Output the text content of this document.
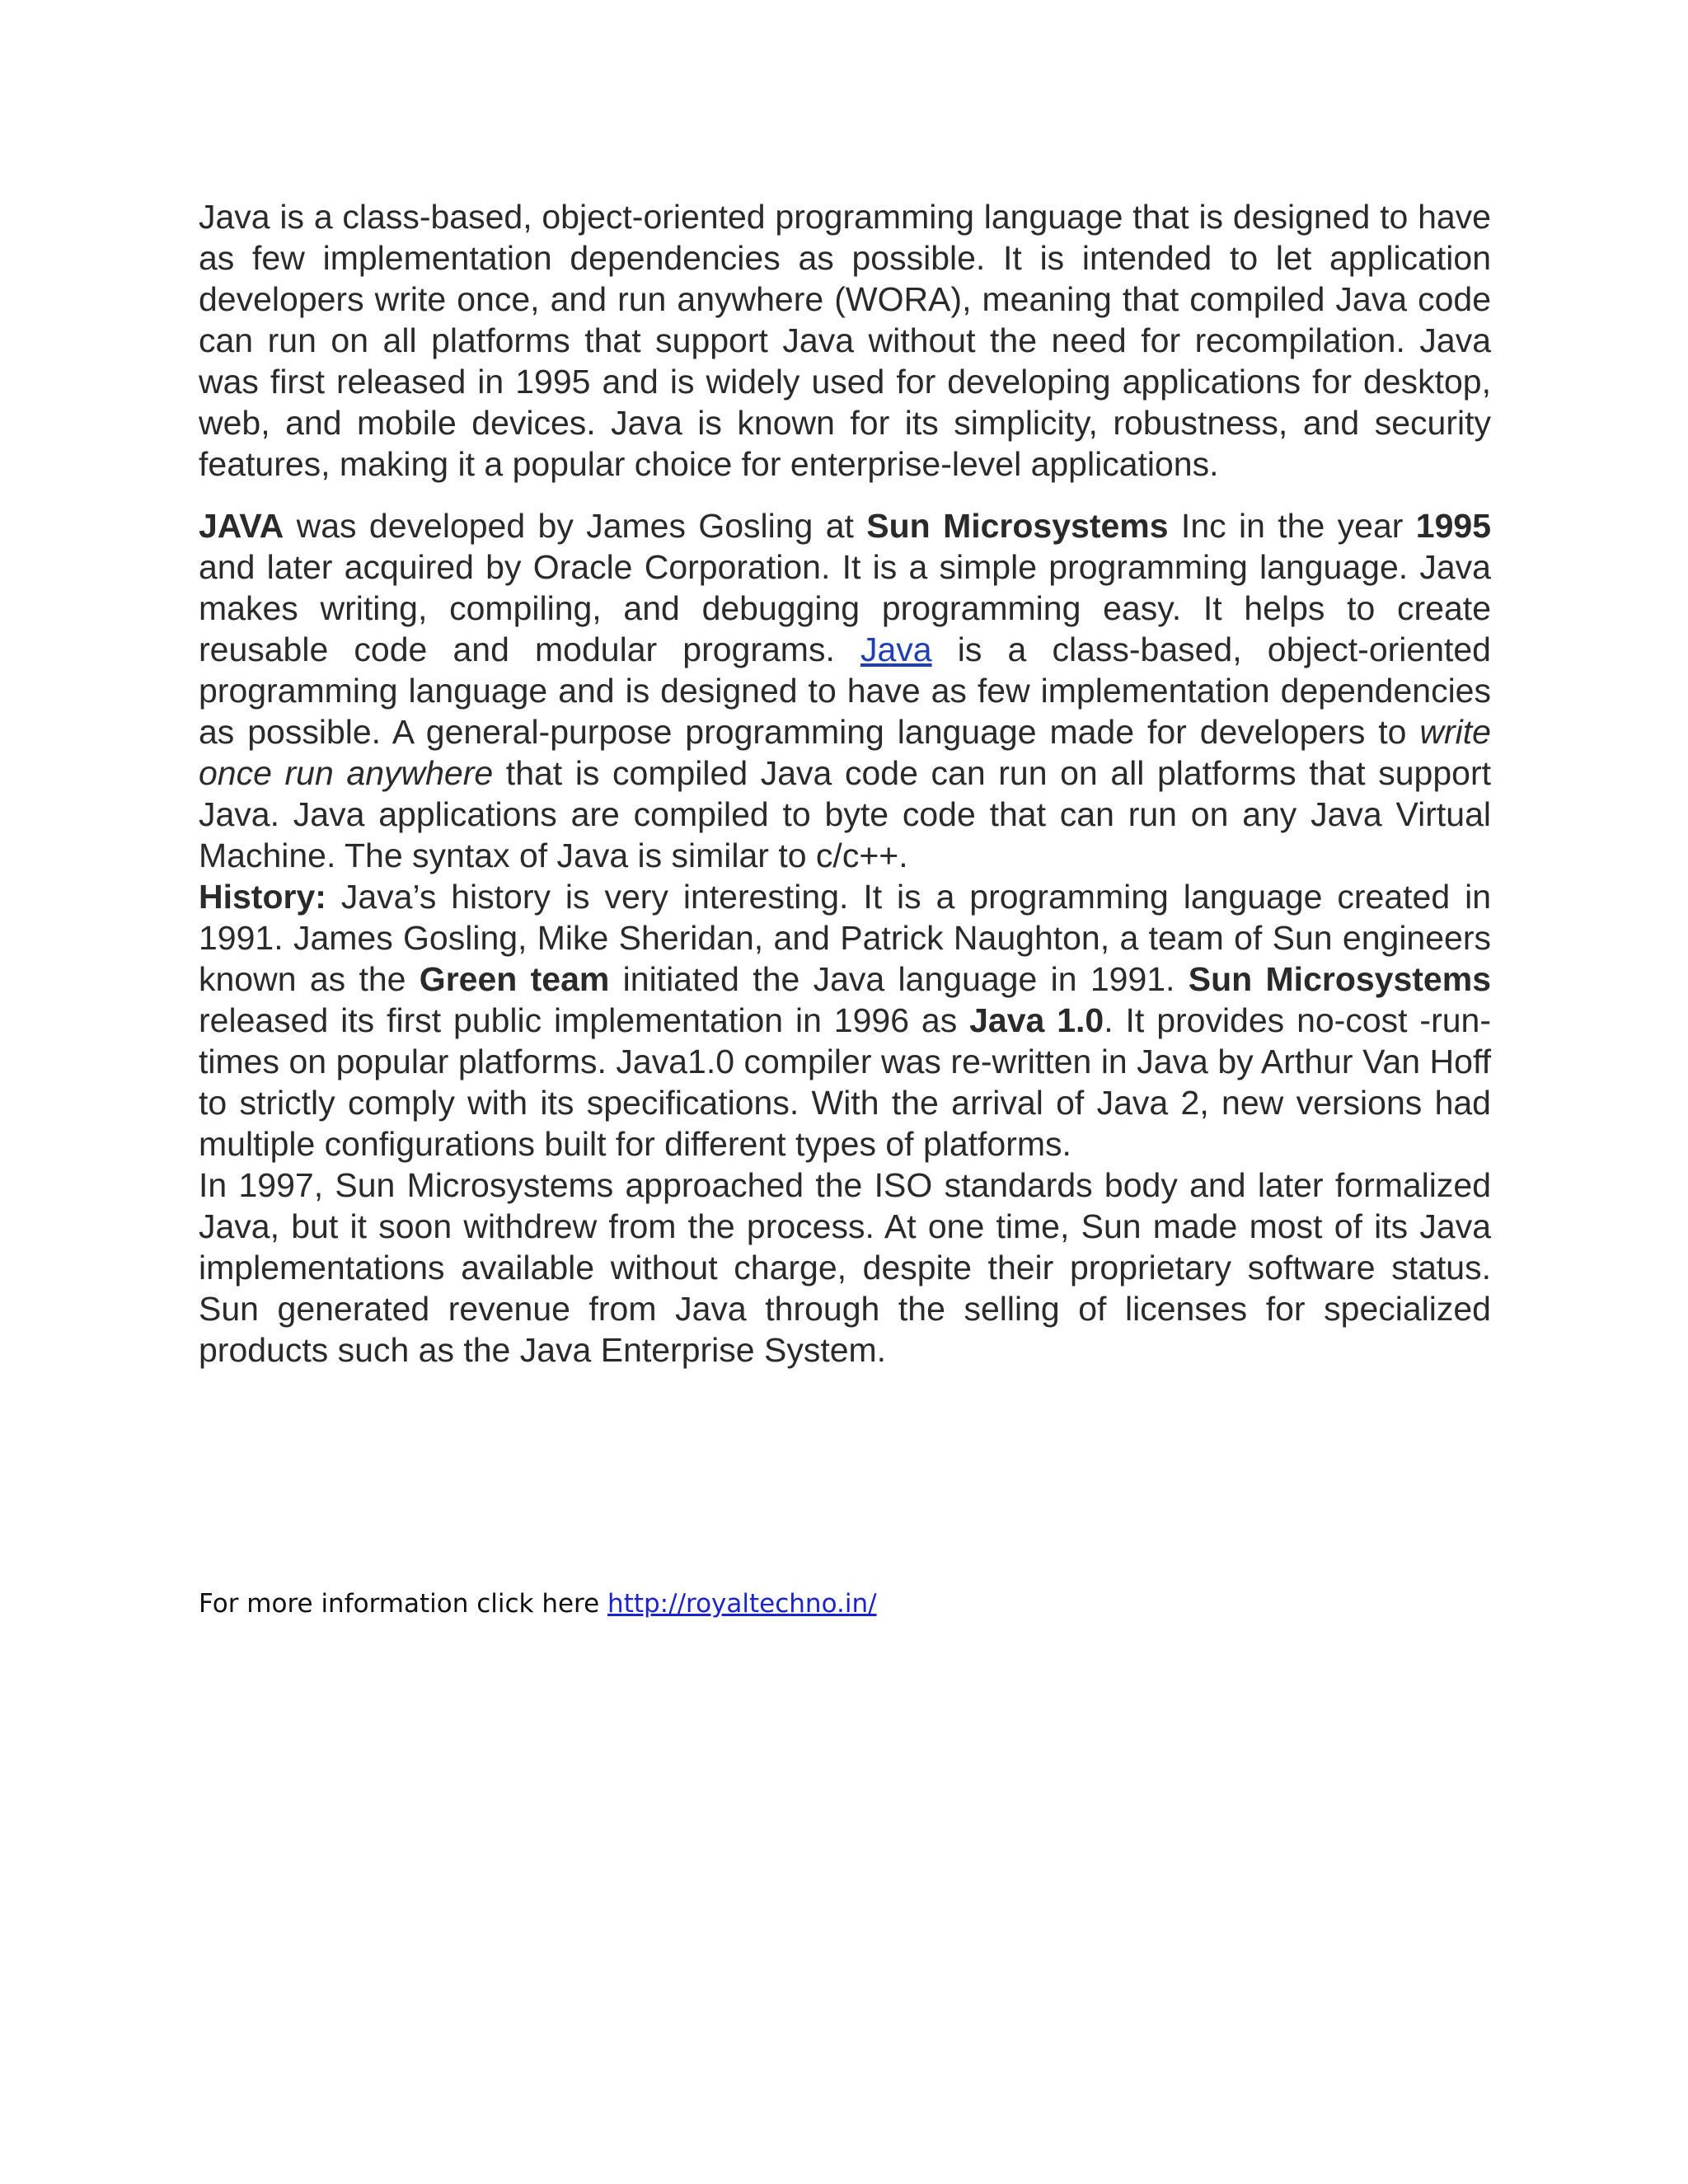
Java is a class-based, object-oriented programming language that is designed to have as few implementation dependencies as possible. It is intended to let application developers write once, and run anywhere (WORA), meaning that compiled Java code can run on all platforms that support Java without the need for recompilation. Java was first released in 1995 and is widely used for developing applications for desktop, web, and mobile devices. Java is known for its simplicity, robustness, and security features, making it a popular choice for enterprise-level applications.

JAVA was developed by James Gosling at Sun Microsystems Inc in the year 1995 and later acquired by Oracle Corporation. It is a simple programming language. Java makes writing, compiling, and debugging programming easy. It helps to create reusable code and modular programs. Java is a class-based, object-oriented programming language and is designed to have as few implementation dependencies as possible. A general-purpose programming language made for developers to write once run anywhere that is compiled Java code can run on all platforms that support Java. Java applications are compiled to byte code that can run on any Java Virtual Machine. The syntax of Java is similar to c/c++.

History: Java’s history is very interesting. It is a programming language created in 1991. James Gosling, Mike Sheridan, and Patrick Naughton, a team of Sun engineers known as the Green team initiated the Java language in 1991. Sun Microsystems released its first public implementation in 1996 as Java 1.0. It provides no-cost -run-times on popular platforms. Java1.0 compiler was re-written in Java by Arthur Van Hoff to strictly comply with its specifications. With the arrival of Java 2, new versions had multiple configurations built for different types of platforms.

In 1997, Sun Microsystems approached the ISO standards body and later formalized Java, but it soon withdrew from the process. At one time, Sun made most of its Java implementations available without charge, despite their proprietary software status. Sun generated revenue from Java through the selling of licenses for specialized products such as the Java Enterprise System.

For more information click here http://royaltechno.in/
